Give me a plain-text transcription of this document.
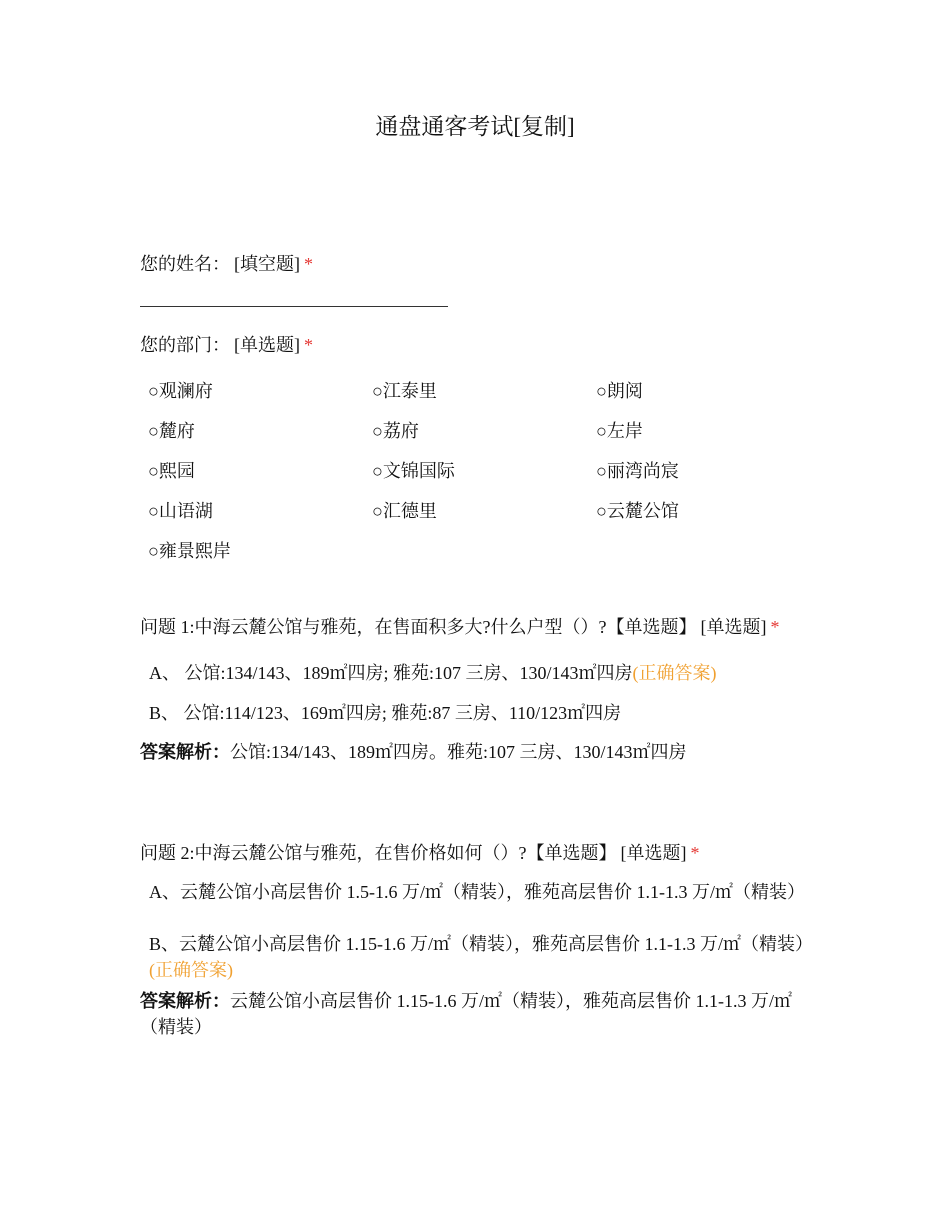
通盘通客考试[复制]
您的姓名： [填空题] *
您的部门： [单选题] *
○观澜府	○江泰里	○朗阅
○麓府	○荔府	○左岸
○熙园	○文锦国际	○丽湾尚宸
○山语湖	○汇德里	○云麓公馆
○雍景熙岸
问题 1:中海云麓公馆与雅苑，在售面积多大?什么户型（）?【单选题】 [单选题] *
A、 公馆:134/143、189㎡四房; 雅苑:107 三房、130/143㎡四房(正确答案)
B、 公馆:114/123、169㎡四房; 雅苑:87 三房、110/123㎡四房
答案解析：公馆:134/143、189㎡四房。雅苑:107 三房、130/143㎡四房
问题 2:中海云麓公馆与雅苑，在售价格如何（）?【单选题】 [单选题] *
A、云麓公馆小高层售价 1.5-1.6 万/㎡（精装），雅苑高层售价 1.1-1.3 万/㎡（精装）
B、云麓公馆小高层售价 1.15-1.6 万/㎡（精装），雅苑高层售价 1.1-1.3 万/㎡（精装）(正确答案)
答案解析：云麓公馆小高层售价 1.15-1.6 万/㎡（精装），雅苑高层售价 1.1-1.3 万/㎡（精装）
